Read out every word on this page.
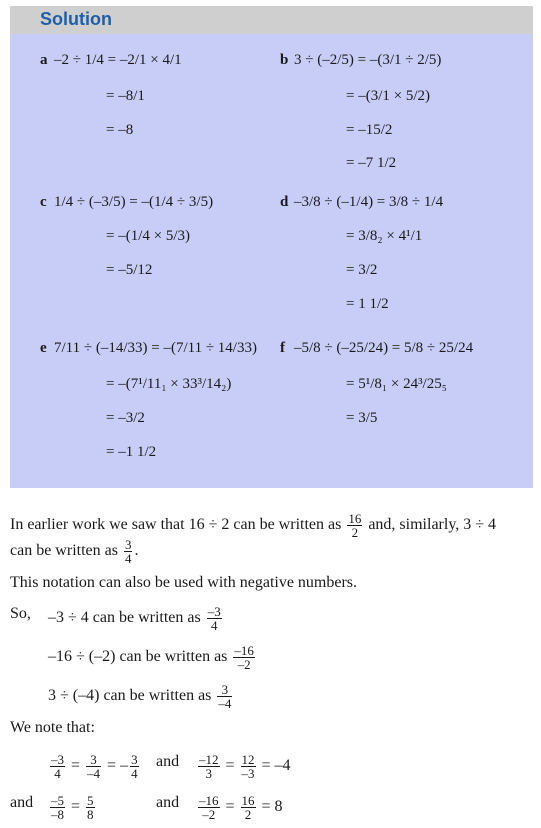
Solution
a –2 ÷ 1/4 = –2/1 × 4/1
= –8/1
= –8
b 3 ÷ (–2/5) = –(3/1 ÷ 2/5)
= –(3/1 × 5/2)
= –15/2
= –7 1/2
c 1/4 ÷ (–3/5) = –(1/4 ÷ 3/5)
= –(1/4 × 5/3)
= –5/12
d –3/8 ÷ (–1/4) = 3/8 ÷ 1/4
= 3/8₂ × 4¹/1
= 3/2
= 1 1/2
e 7/11 ÷ (–14/33) = –(7/11 ÷ 14/33)
= –(7¹/11₁ × 33³/14₂)
= –3/2
= –1 1/2
f –5/8 ÷ (–25/24) = 5/8 ÷ 25/24
= 5¹/8₁ × 24³/25₅
= 3/5
In earlier work we saw that 16 ÷ 2 can be written as $\frac{16}{2}$ and, similarly, 3 ÷ 4
can be written as $\frac{3}{4}$ .
This notation can also be used with negative numbers.
So, –3 ÷ 4 can be written as $\frac{-3}{4}$
–16 ÷ (–2) can be written as $\frac{-16}{-2}$
3 ÷ (–4) can be written as $\frac{3}{-4}$
We note that:
$\frac{-3}{4} = \frac{3}{-4}$ = – $\frac{3}{4}$ and $\frac{-12}{3} = \frac{12}{-3} = -4$
and $\frac{-5}{-8} = \frac{5}{8}$	and $\frac{-16}{-2} = \frac{16}{2} = 8$
